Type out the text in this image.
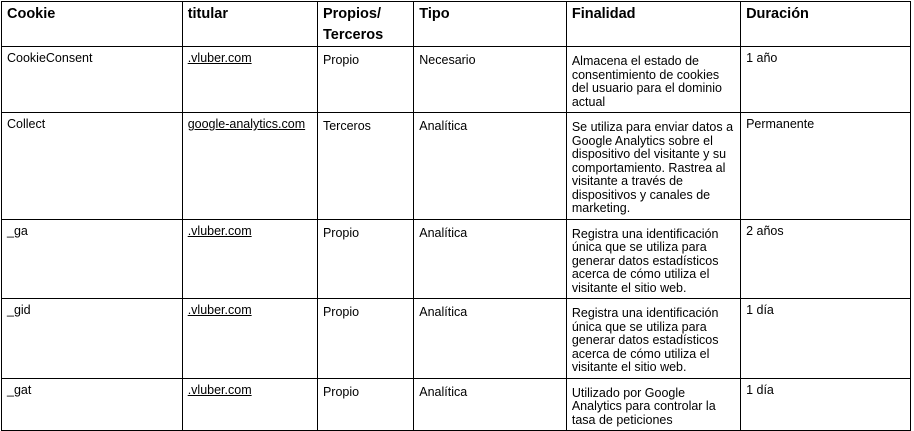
Cookie	titular	Propios/ Terceros	Tipo	Finalidad	Duración
CookieConsent	.vluber.com	Propio	Necesario	Almacena el estado de consentimiento de cookies del usuario para el dominio actual	1 año
Collect	google-analytics.com	Terceros	Analítica	Se utiliza para enviar datos a Google Analytics sobre el dispositivo del visitante y su comportamiento. Rastrea al visitante a través de dispositivos y canales de marketing.	Permanente
_ga	.vluber.com	Propio	Analítica	Registra una identificación única que se utiliza para generar datos estadísticos acerca de cómo utiliza el visitante el sitio web.	2 años
_gid	.vluber.com	Propio	Analítica	Registra una identificación única que se utiliza para generar datos estadísticos acerca de cómo utiliza el visitante el sitio web.	1 día
_gat	.vluber.com	Propio	Analítica	Utilizado por Google Analytics para controlar la tasa de peticiones	1 día
